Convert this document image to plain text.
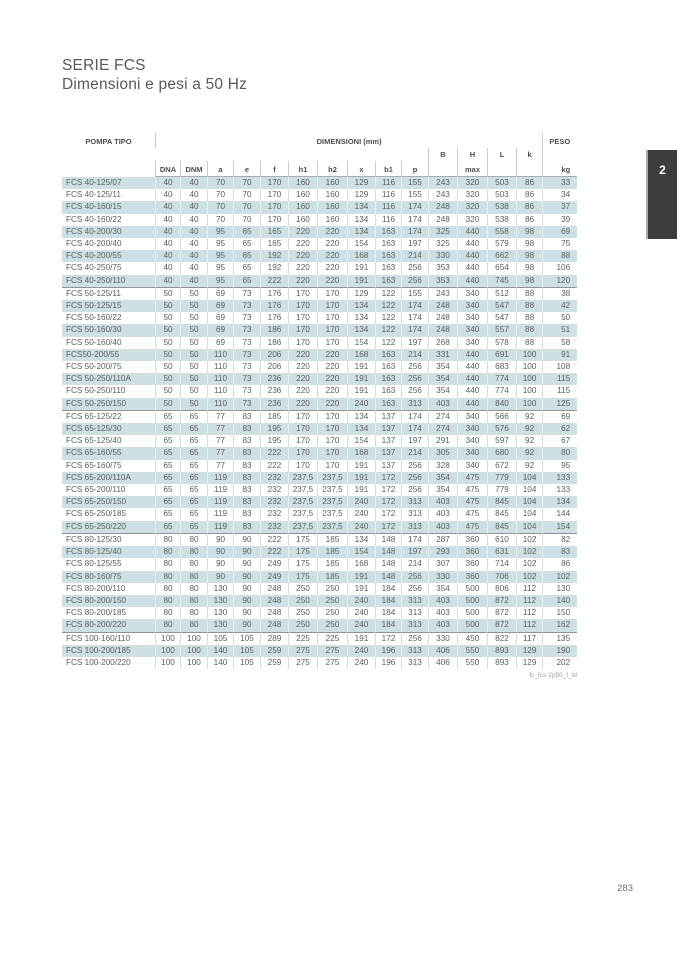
SERIE FCS
Dimensioni e pesi a 50 Hz
POMPA TIPO	DIMENSIONI (mm)														PESO
											B	H	L	k	
	DNA	DNM	a	e	f	h1	h2	x	b1	p		max			kg
FCS 40-125/07	40	40	70	70	170	160	160	129	116	155	243	320	503	86	33
FCS 40-125/11	40	40	70	70	170	160	160	129	116	155	243	320	503	86	34
FCS 40-160/15	40	40	70	70	170	160	160	134	116	174	248	320	538	86	37
FCS 40-160/22	40	40	70	70	170	160	160	134	116	174	248	320	538	86	39
FCS 40-200/30	40	40	95	65	165	220	220	134	163	174	325	440	558	98	69
FCS 40-200/40	40	40	95	65	165	220	220	154	163	197	325	440	579	98	75
FCS 40-200/55	40	40	95	65	192	220	220	168	163	214	330	440	662	98	88
FCS 40-250/75	40	40	95	65	192	220	220	191	163	256	353	440	654	98	106
FCS 40-250/110	40	40	95	65	222	220	220	191	163	256	353	440	745	98	120
FCS 50-125/11	50	50	69	73	176	170	170	129	122	155	243	340	512	88	38
FCS 50-125/15	50	50	69	73	176	170	170	134	122	174	248	340	547	88	42
FCS 50-160/22	50	50	69	73	176	170	170	134	122	174	248	340	547	88	50
FCS 50-160/30	50	50	69	73	186	170	170	134	122	174	248	340	557	88	51
FCS 50-160/40	50	50	69	73	186	170	170	154	122	197	268	340	578	88	58
FCS50-200/55	50	50	110	73	206	220	220	168	163	214	331	440	691	100	91
FCS 50-200/75	50	50	110	73	206	220	220	191	163	256	354	440	683	100	108
FCS 50-250/110A	50	50	110	73	236	220	220	191	163	256	354	440	774	100	115
FCS 50-250/110	50	50	110	73	236	220	220	191	163	256	354	440	774	100	115
FCS 50-250/150	50	50	110	73	236	220	220	240	163	313	403	440	840	100	125
FCS 65-125/22	65	65	77	83	185	170	170	134	137	174	274	340	566	92	69
FCS 65-125/30	65	65	77	83	195	170	170	134	137	174	274	340	576	92	62
FCS 65-125/40	65	65	77	83	195	170	170	154	137	197	291	340	597	92	67
FCS 65-160/55	65	65	77	83	222	170	170	168	137	214	305	340	680	92	80
FCS 65-160/75	65	65	77	83	222	170	170	191	137	256	328	340	672	92	95
FCS 65-200/110A	65	65	119	83	232	237,5	237,5	191	172	256	354	475	779	104	133
FCS 65-200/110	65	65	119	83	232	237,5	237,5	191	172	256	354	475	779	104	133
FCS 65-250/150	65	65	119	83	232	237,5	237,5	240	172	313	403	475	845	104	134
FCS 65-250/185	65	65	119	83	232	237,5	237,5	240	172	313	403	475	845	104	144
FCS 65-250/220	65	65	119	83	232	237,5	237,5	240	172	313	403	475	845	104	154
FCS 80-125/30	80	80	90	90	222	175	185	134	148	174	287	360	610	102	82
FCS 80-125/40	80	80	90	90	222	175	185	154	148	197	293	360	631	102	83
FCS 80-125/55	80	80	90	90	249	175	185	168	148	214	307	360	714	102	86
FCS 80-160/75	80	80	90	90	249	175	185	191	148	256	330	360	706	102	102
FCS 80-200/110	80	80	130	90	248	250	250	191	184	256	354	500	806	112	130
FCS 80-200/150	80	80	130	90	248	250	250	240	184	313	403	500	872	112	140
FCS 80-200/185	80	80	130	90	248	250	250	240	184	313	403	500	872	112	150
FCS 80-200/220	80	80	130	90	248	250	250	240	184	313	403	500	872	112	162
FCS 100-160/110	100	100	105	105	289	225	225	191	172	256	330	450	822	117	135
FCS 100-200/185	100	100	140	105	259	275	275	240	196	313	406	550	893	129	190
FCS 100-200/220	100	100	140	105	259	275	275	240	196	313	406	550	893	129	202
fc_fcs-2p50_f_td
2
283
